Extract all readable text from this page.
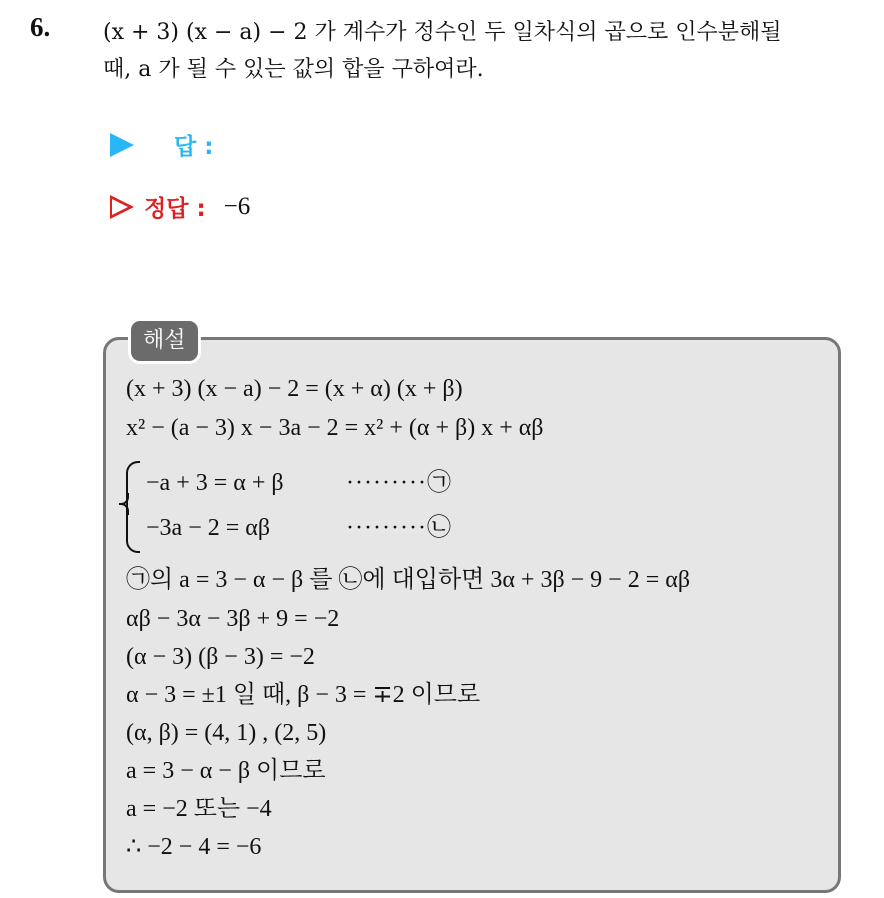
6. (x + 3) (x − a) − 2 가 계수가 정수인 두 일차식의 곱으로 인수분해될
때, a 가 될 수 있는 값의 합을 구하여라.
답 :
정답 : −6
해설
(x + 3) (x − a) − 2 = (x + α) (x + β)
x² − (a − 3) x − 3a − 2 = x² + (α + β) x + αβ
−a + 3 = α + β	·········㉠
−3a − 2 = αβ	·········㉡
㉠의 a = 3 − α − β 를 ㉡에 대입하면 3α + 3β − 9 − 2 = αβ
αβ − 3α − 3β + 9 = −2
(α − 3) (β − 3) = −2
α − 3 = ±1 일 때, β − 3 = ∓2 이므로
(α, β) = (4, 1) , (2, 5)
a = 3 − α − β 이므로
a = −2 또는 −4
∴ −2 − 4 = −6
